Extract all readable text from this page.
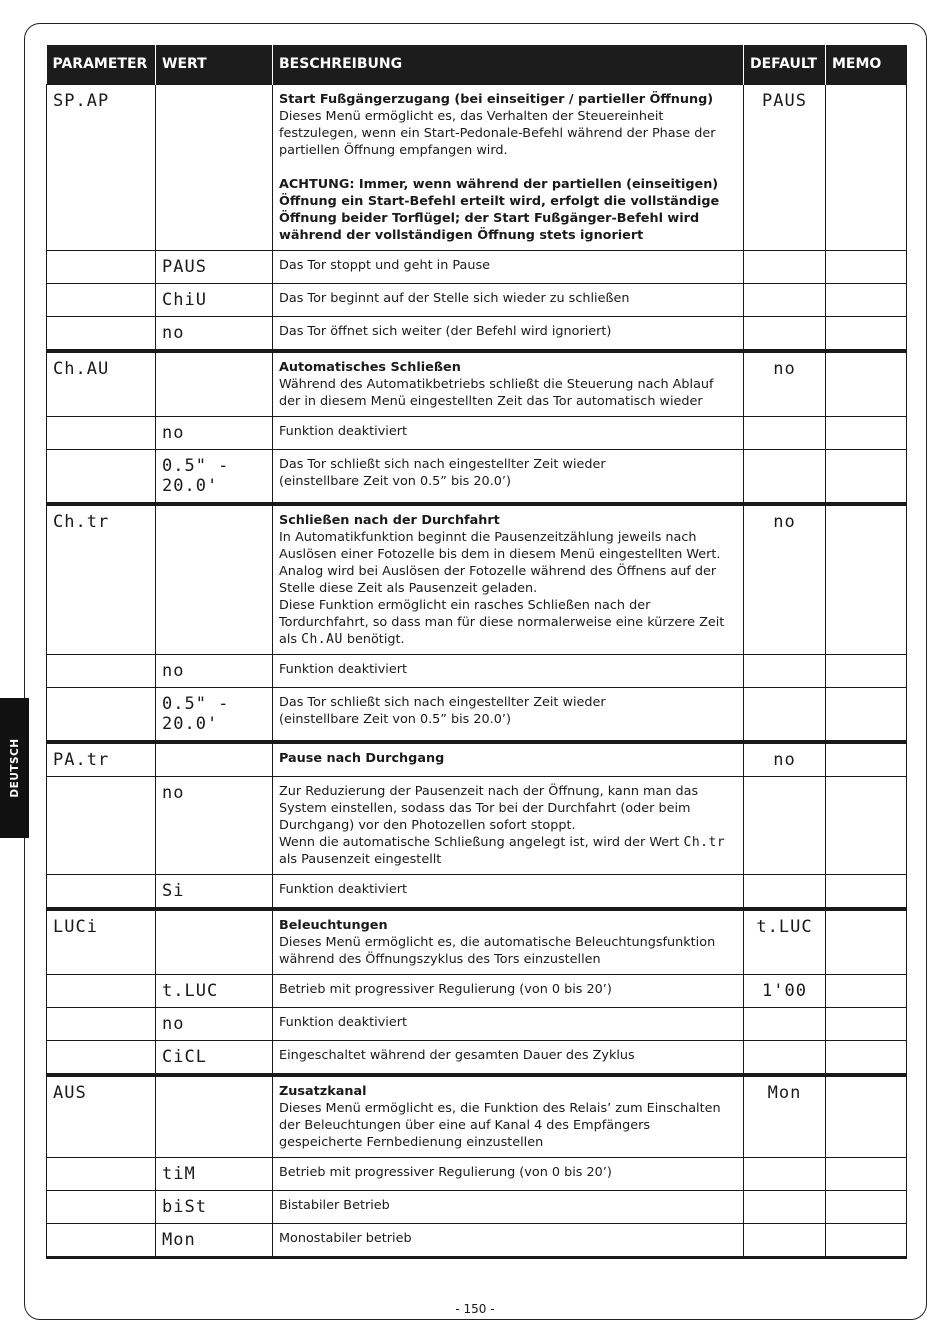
DEUTSCH
PARAMETER	WERT	BESCHREIBUNG	DEFAULT	MEMO
SP.AP		Start Fußgängerzugang (bei einseitiger / partieller Öffnung)
Dieses Menü ermöglicht es, das Verhalten der Steuereinheit festzulegen, wenn ein Start-Pedonale-Befehl während der Phase der partiellen Öffnung empfangen wird.
ACHTUNG: Immer, wenn während der partiellen (einseitigen) Öffnung ein Start-Befehl erteilt wird, erfolgt die vollständige Öffnung beider Torflügel; der Start Fußgänger-Befehl wird während der vollständigen Öffnung stets ignoriert	PAUS	
	PAUS	Das Tor stoppt und geht in Pause		
	ChiU	Das Tor beginnt auf der Stelle sich wieder zu schließen		
	no	Das Tor öffnet sich weiter (der Befehl wird ignoriert)		
Ch.AU		Automatisches Schließen
Während des Automatikbetriebs schließt die Steuerung nach Ablauf der in diesem Menü eingestellten Zeit das Tor automatisch wieder	no	
	no	Funktion deaktiviert		
	0.5" - 20.0'	Das Tor schließt sich nach eingestellter Zeit wieder
(einstellbare Zeit von 0.5” bis 20.0’)		

Ch.tr		Schließen nach der Durchfahrt
In Automatikfunktion beginnt die Pausenzeitzählung jeweils nach Auslösen einer Fotozelle bis dem in diesem Menü eingestellten Wert. Analog wird bei Auslösen der Fotozelle während des Öffnens auf der Stelle diese Zeit als Pausenzeit geladen.
Diese Funktion ermöglicht ein rasches Schließen nach der Tordurchfahrt, so dass man für diese normalerweise eine kürzere Zeit als Ch.AU benötigt.	no	
	no	Funktion deaktiviert		
	0.5" - 20.0'	Das Tor schließt sich nach eingestellter Zeit wieder
(einstellbare Zeit von 0.5” bis 20.0’)		

PA.tr		Pause nach Durchgang	no	
	no	Zur Reduzierung der Pausenzeit nach der Öffnung, kann man das System einstellen, sodass das Tor bei der Durchfahrt (oder beim Durchgang) vor den Photozellen sofort stoppt.
Wenn die automatische Schließung angelegt ist, wird der Wert Ch.tr
als Pausenzeit eingestellt		

	Si	Funktion deaktiviert		
LUCi		Beleuchtungen
Dieses Menü ermöglicht es, die automatische Beleuchtungsfunktion während des Öffnungszyklus des Tors einzustellen	t.LUC	
	t.LUC	Betrieb mit progressiver Regulierung (von 0 bis 20’)	1'00	
	no	Funktion deaktiviert		
	CiCL	Eingeschaltet während der gesamten Dauer des Zyklus		
AUS		Zusatzkanal
Dieses Menü ermöglicht es, die Funktion des Relais’ zum Einschalten der Beleuchtungen über eine auf Kanal 4 des Empfängers gespeicherte Fernbedienung einzustellen	Mon	
	tiM	Betrieb mit progressiver Regulierung (von 0 bis 20’)		
	biSt	Bistabiler Betrieb		
	Mon	Monostabiler betrieb		
- 150 -
